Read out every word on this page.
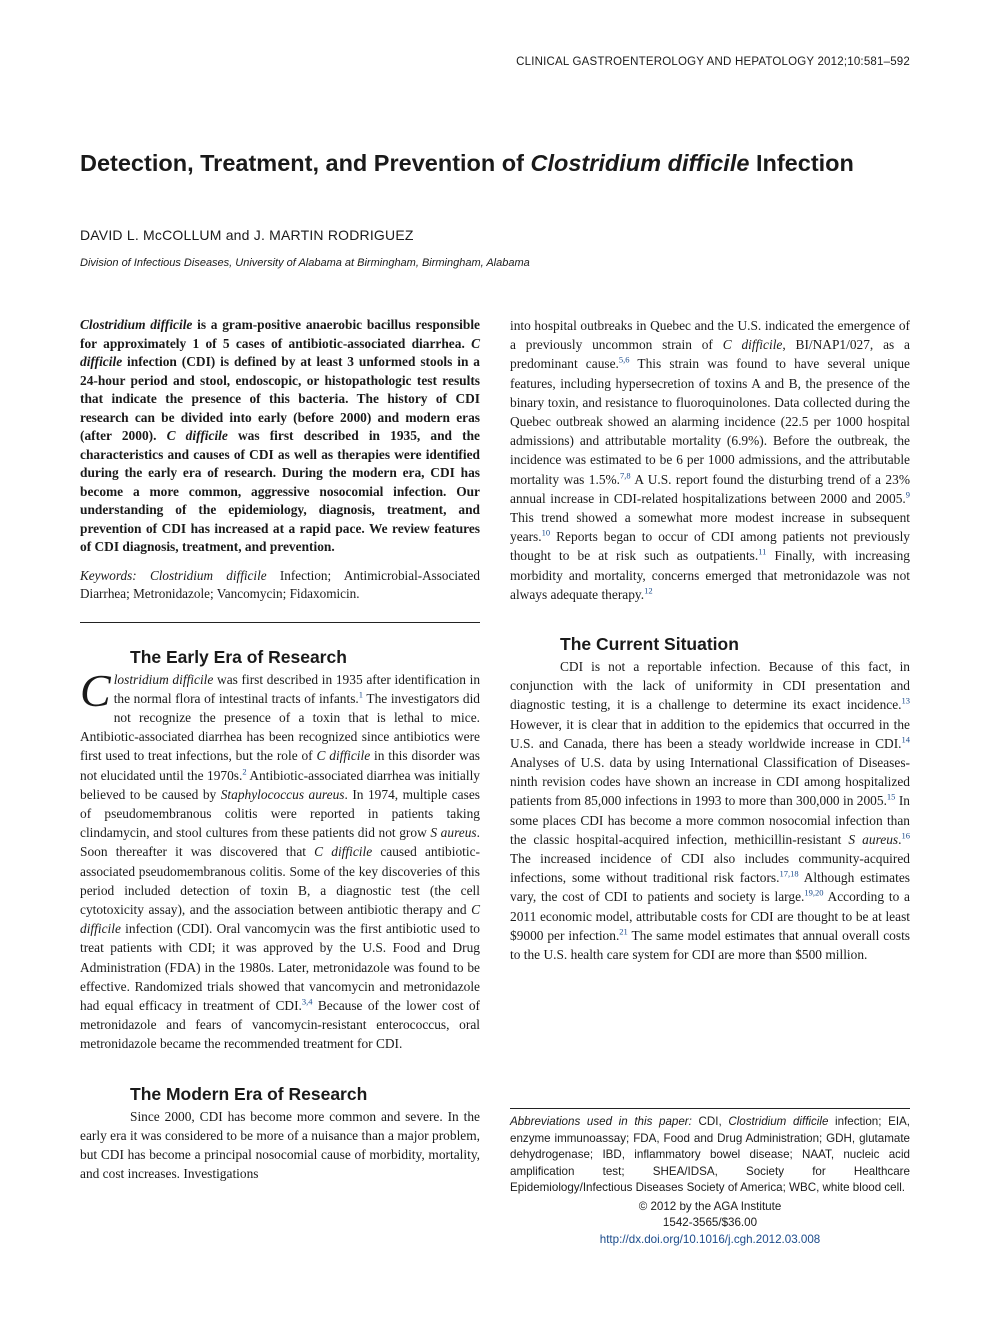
CLINICAL GASTROENTEROLOGY AND HEPATOLOGY 2012;10:581–592
Detection, Treatment, and Prevention of Clostridium difficile Infection
DAVID L. McCOLLUM and J. MARTIN RODRIGUEZ
Division of Infectious Diseases, University of Alabama at Birmingham, Birmingham, Alabama

Clostridium difficile is a gram-positive anaerobic bacillus responsible for approximately 1 of 5 cases of antibiotic-associated diarrhea. C difficile infection (CDI) is defined by at least 3 unformed stools in a 24-hour period and stool, endoscopic, or histopathologic test results that indicate the presence of this bacteria. The history of CDI research can be divided into early (before 2000) and modern eras (after 2000). C difficile was first described in 1935, and the characteristics and causes of CDI as well as therapies were identified during the early era of research. During the modern era, CDI has become a more common, aggressive nosocomial infection. Our understanding of the epidemiology, diagnosis, treatment, and prevention of CDI has increased at a rapid pace. We review features of CDI diagnosis, treatment, and prevention.

Keywords: Clostridium difficile Infection; Antimicrobial-Associated Diarrhea; Metronidazole; Vancomycin; Fidaxomicin.

The Early Era of Research

Clostridium difficile was first described in 1935 after identification in the normal flora of intestinal tracts of infants.$^1$ The investigators did not recognize the presence of a toxin that is lethal to mice. Antibiotic-associated diarrhea has been recognized since antibiotics were first used to treat infections, but the role of C difficile in this disorder was not elucidated until the 1970s.$^2$ Antibiotic-associated diarrhea was initially believed to be caused by Staphylococcus aureus. In 1974, multiple cases of pseudomembranous colitis were reported in patients taking clindamycin, and stool cultures from these patients did not grow S aureus. Soon thereafter it was discovered that C difficile caused antibiotic-associated pseudomembranous colitis. Some of the key discoveries of this period included detection of toxin B, a diagnostic test (the cell cytotoxicity assay), and the association between antibiotic therapy and C difficile infection (CDI). Oral vancomycin was the first antibiotic used to treat patients with CDI; it was approved by the U.S. Food and Drug Administration (FDA) in the 1980s. Later, metronidazole was found to be effective. Randomized trials showed that vancomycin and metronidazole had equal efficacy in treatment of CDI.$^{3,4}$ Because of the lower cost of metronidazole and fears of vancomycin-resistant enterococcus, oral metronidazole became the recommended treatment for CDI.

The Modern Era of Research

Since 2000, CDI has become more common and severe. In the early era it was considered to be more of a nuisance than a major problem, but CDI has become a principal nosocomial cause of morbidity, mortality, and cost increases. Investigations

into hospital outbreaks in Quebec and the U.S. indicated the emergence of a previously uncommon strain of C difficile, BI/NAP1/027, as a predominant cause.$^{5,6}$ This strain was found to have several unique features, including hypersecretion of toxins A and B, the presence of the binary toxin, and resistance to fluoroquinolones. Data collected during the Quebec outbreak showed an alarming incidence (22.5 per 1000 hospital admissions) and attributable mortality (6.9%). Before the outbreak, the incidence was estimated to be 6 per 1000 admissions, and the attributable mortality was 1.5%.$^{7,8}$ A U.S. report found the disturbing trend of a 23% annual increase in CDI-related hospitalizations between 2000 and 2005.$^9$ This trend showed a somewhat more modest increase in subsequent years.$^{10}$ Reports began to occur of CDI among patients not previously thought to be at risk such as outpatients.$^{11}$ Finally, with increasing morbidity and mortality, concerns emerged that metronidazole was not always adequate therapy.$^{12}$

The Current Situation

CDI is not a reportable infection. Because of this fact, in conjunction with the lack of uniformity in CDI presentation and diagnostic testing, it is a challenge to determine its exact incidence.$^{13}$ However, it is clear that in addition to the epidemics that occurred in the U.S. and Canada, there has been a steady worldwide increase in CDI.$^{14}$ Analyses of U.S. data by using International Classification of Diseases-ninth revision codes have shown an increase in CDI among hospitalized patients from 85,000 infections in 1993 to more than 300,000 in 2005.15 In some places CDI has become a more common nosocomial infection than the classic hospital-acquired infection, methicillin-resistant S aureus.$^{16}$ The increased incidence of CDI also includes community-acquired infections, some without traditional risk factors.$^{17,18}$ Although estimates vary, the cost of CDI to patients and society is large.$^{19,20}$ According to a 2011 economic model, attributable costs for CDI are thought to be at least $9000 per infection.$^{21}$ The same model estimates that annual overall costs to the U.S. health care system for CDI are more than $500 million.

Abbreviations used in this paper: CDI, Clostridium difficile infection; EIA, enzyme immunoassay; FDA, Food and Drug Administration; GDH, glutamate dehydrogenase; IBD, inflammatory bowel disease; NAAT, nucleic acid amplification test; SHEA/IDSA, Society for Healthcare Epidemiology/Infectious Diseases Society of America; WBC, white blood cell.

© 2012 by the AGA Institute
1542-3565/$36.00
http://dx.doi.org/10.1016/j.cgh.2012.03.008
